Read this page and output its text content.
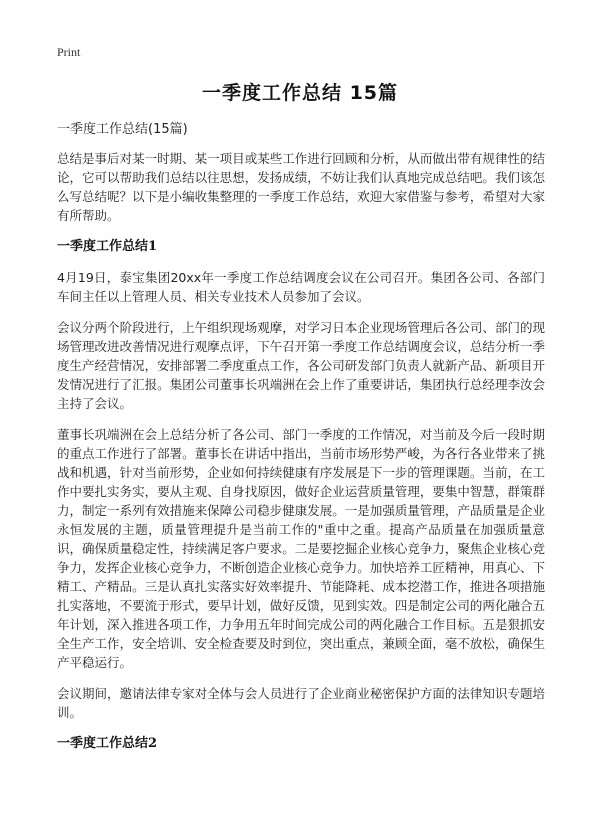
Print
一季度工作总结 15篇
一季度工作总结(15篇)

总结是事后对某一时期、某一项目或某些工作进行回顾和分析，从而做出带有规律性的结论，它可以帮助我们总结以往思想，发扬成绩，不妨让我们认真地完成总结吧。我们该怎么写总结呢？以下是小编收集整理的一季度工作总结，欢迎大家借鉴与参考，希望对大家有所帮助。

一季度工作总结1

4月19日，泰宝集团20xx年一季度工作总结调度会议在公司召开。集团各公司、各部门车间主任以上管理人员、相关专业技术人员参加了会议。

会议分两个阶段进行，上午组织现场观摩，对学习日本企业现场管理后各公司、部门的现场管理改进改善情况进行观摩点评，下午召开第一季度工作总结调度会议，总结分析一季度生产经营情况，安排部署二季度重点工作，各公司研发部门负责人就新产品、新项目开发情况进行了汇报。集团公司董事长巩端洲在会上作了重要讲话，集团执行总经理李汝会主持了会议。

董事长巩端洲在会上总结分析了各公司、部门一季度的工作情况，对当前及今后一段时期的重点工作进行了部署。董事长在讲话中指出，当前市场形势严峻，为各行各业带来了挑战和机遇，针对当前形势，企业如何持续健康有序发展是下一步的管理课题。当前，在工作中要扎实务实，要从主观、自身找原因，做好企业运营质量管理，要集中智慧，群策群力，制定一系列有效措施来保障公司稳步健康发展。一是加强质量管理，产品质量是企业永恒发展的主题，质量管理提升是当前工作的"重中之重。提高产品质量在加强质量意识，确保质量稳定性，持续满足客户要求。二是要挖掘企业核心竞争力，聚焦企业核心竞争力，发挥企业核心竞争力，不断创造企业核心竞争力。加快培养工匠精神，用真心、下精工、产精品。三是认真扎实落实好效率提升、节能降耗、成本挖潜工作，推进各项措施扎实落地，不要流于形式，要早计划，做好反馈，见到实效。四是制定公司的两化融合五年计划，深入推进各项工作，力争用五年时间完成公司的两化融合工作目标。五是狠抓安全生产工作，安全培训、安全检查要及时到位，突出重点，兼顾全面，毫不放松，确保生产平稳运行。

会议期间，邀请法律专家对全体与会人员进行了企业商业秘密保护方面的法律知识专题培训。

一季度工作总结2
